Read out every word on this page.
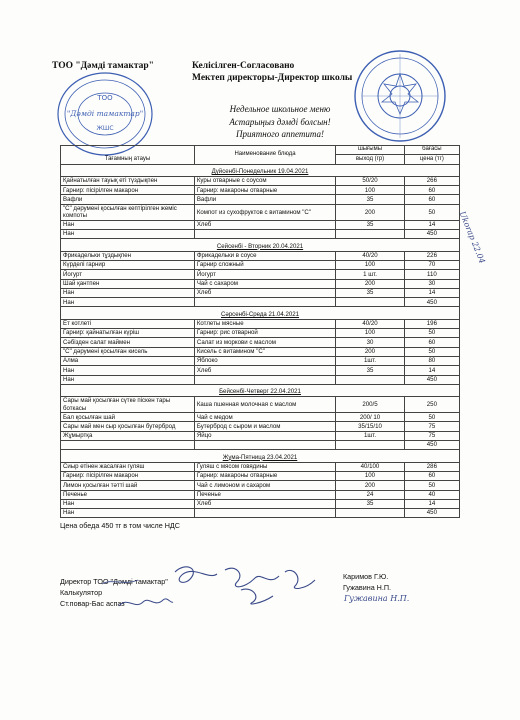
ТОО "Дәмді тамактар"	Келісілген-Согласовано
Мектеп директоры-Директор школы
ТОО
"Дәмді тамактар"
ЖШС
Недельное школьное меню
Астарыңыз дәмді болсын!
Приятного аппетита!
Тағамның атауы	Наименование блюда	шығымы	бағасы
		выход (гр)	цена (тг)
Дүйсенбі-Понедельник 19.04.2021			
Қайнатылған тауық еті түздықпен	Куры отварные с соусом	50/20	266
Гарнир: пісірілген макарон	Гарнир: макароны отварные	100	60
Вафли	Вафли	35	60
"С" дәрумені қосылған кептірілген жеміс компоты	Компот из сухофруктов с витамином "С"	200	50
Нан	Хлеб	35	14
Нан			450
Сейсенбі - Вторник 20.04.2021			
Фрикадельки тұздықпен	Фрикадельки в соусе	40/20	226
Күрделі гарнир	Гарнир сложный	100	70
Йогурт	Йогурт	1 шт.	110
Шай қантпен	Чай с сахаром	200	30
Нан	Хлеб	35	14
Нан			450
Сәрсенбі-Среда 21.04.2021			
Ет котлеті	Котлеты мясные	40/20	196
Гарнир: қайнатылған күріш	Гарнир: рис отварной	100	50
Сәбізден салат маймен	Салат из моркови с маслом	30	60
"С" дәрумені қосылған кисель	Кисель с витамином "С"	200	50
Алма	Яблоко	1шт.	80
Нан	Хлеб	35	14
Нан			450
Бейсенбі-Четверг 22.04.2021			
Сары май қосылған сүтке піскен тары боткасы	Каша пшенная молочная с маслом	200/5	250
Бал қосылған шай	Чай с медом	200/ 10	50
Сары май мен сыр қосылған бутерброд	Бутерброд с сыром и маслом	35/15/10	75
Жұмыртқа	Яйцо	1шт.	75
			450
Жұма-Пятница 23.04.2021			
Сиыр етінен жасалған гуляш	Гуляш с мясом говядины	40/100	286
Гарнир: пісірілген макарон	Гарнир: макароны отварные	100	60
Лимон қосылған тәтті шай	Чай с лимоном и сахаром	200	50
Печенье	Печенье	24	40
Нан	Хлеб	35	14
Нан			450
Ukorap 22.04
Цена обеда 450 тг в том числе НДС
Директор ТОО "Дәмді тамактар"
Калькулятор
Ст.повар-Бас аспаз
Каримов Г.Ю.
Гужавина Н.П.
Гужавина Н.П.
